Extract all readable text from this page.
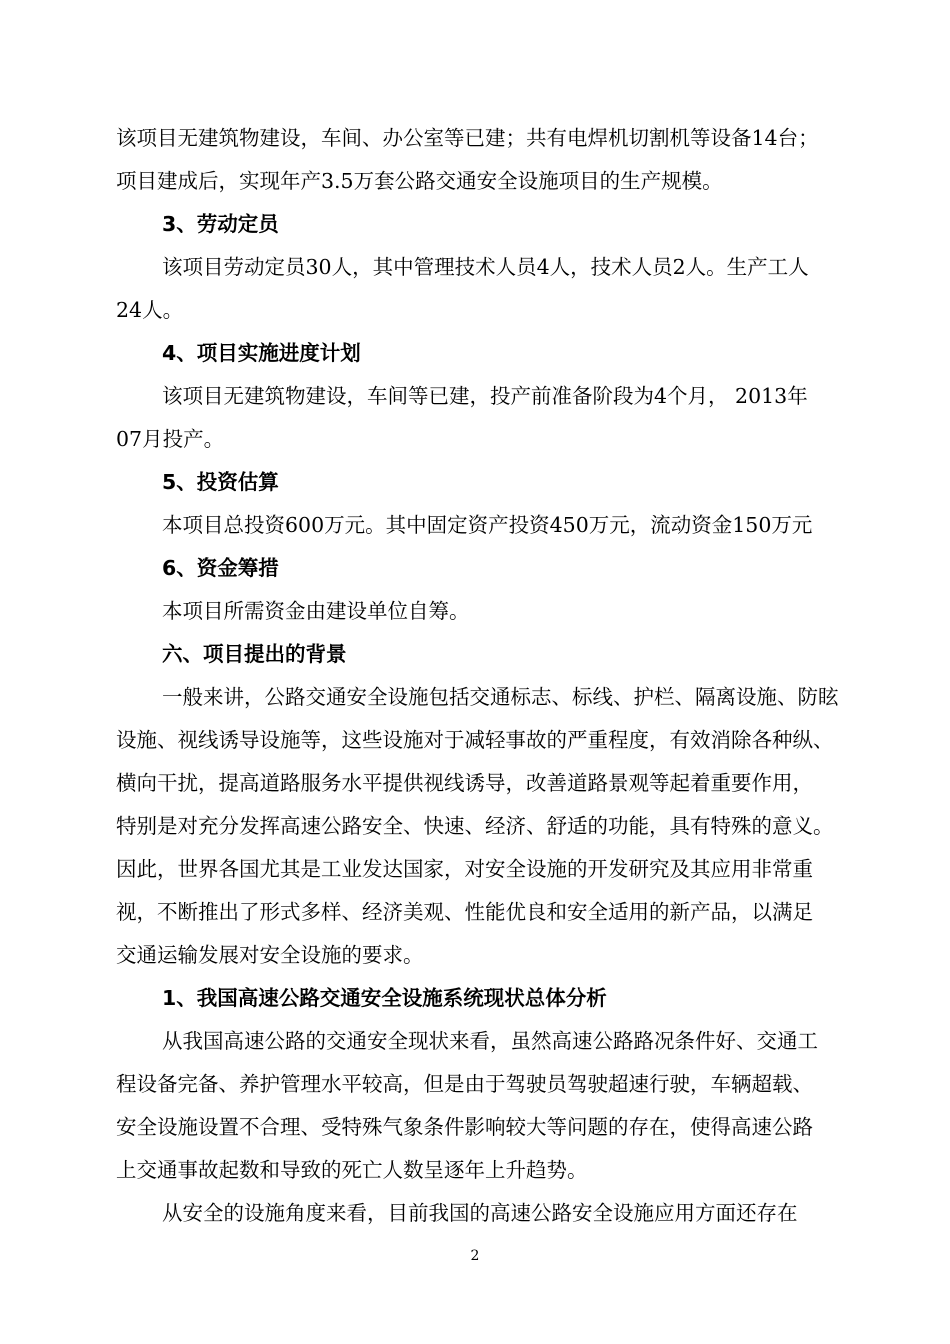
该项目无建筑物建设，车间、办公室等已建；共有电焊机切割机等设备14台；
项目建成后，实现年产3.5万套公路交通安全设施项目的生产规模。
3、劳动定员
该项目劳动定员30人，其中管理技术人员4人，技术人员2人。生产工人
24人。
4、项目实施进度计划
该项目无建筑物建设，车间等已建，投产前准备阶段为4个月， 2013年
07月投产。
5、投资估算
本项目总投资600万元。其中固定资产投资450万元，流动资金150万元
6、资金筹措
本项目所需资金由建设单位自筹。
六、项目提出的背景
一般来讲，公路交通安全设施包括交通标志、标线、护栏、隔离设施、防眩
设施、视线诱导设施等，这些设施对于减轻事故的严重程度，有效消除各种纵、
横向干扰，提高道路服务水平提供视线诱导，改善道路景观等起着重要作用，
特别是对充分发挥高速公路安全、快速、经济、舒适的功能，具有特殊的意义。
因此，世界各国尤其是工业发达国家，对安全设施的开发研究及其应用非常重
视，不断推出了形式多样、经济美观、性能优良和安全适用的新产品，以满足
交通运输发展对安全设施的要求。
1、我国高速公路交通安全设施系统现状总体分析
从我国高速公路的交通安全现状来看，虽然高速公路路况条件好、交通工
程设备完备、养护管理水平较高，但是由于驾驶员驾驶超速行驶，车辆超载、
安全设施设置不合理、受特殊气象条件影响较大等问题的存在，使得高速公路
上交通事故起数和导致的死亡人数呈逐年上升趋势。
从安全的设施角度来看，目前我国的高速公路安全设施应用方面还存在
2
